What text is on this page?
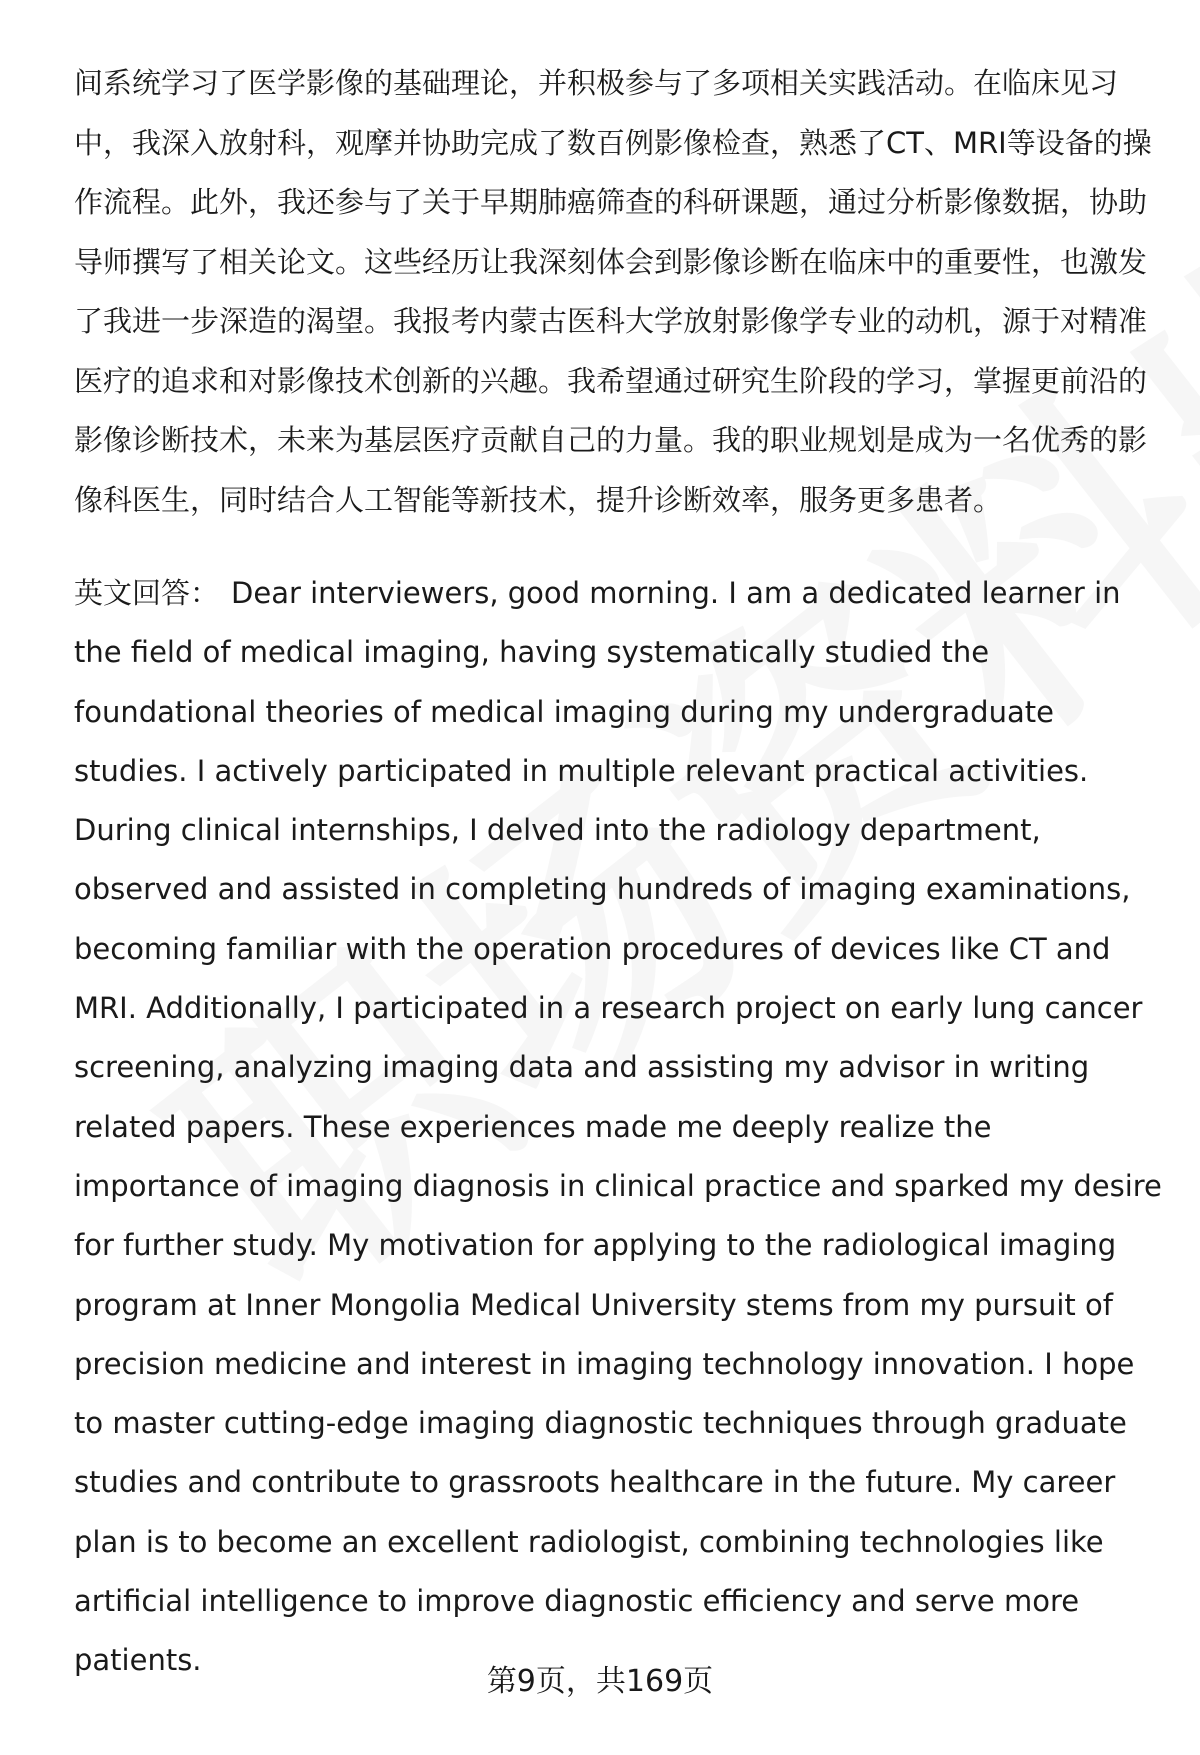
间系统学习了医学影像的基础理论，并积极参与了多项相关实践活动。在临床见习中，我深入放射科，观摩并协助完成了数百例影像检查，熟悉了CT、MRI等设备的操作流程。此外，我还参与了关于早期肺癌筛查的科研课题，通过分析影像数据，协助导师撰写了相关论文。这些经历让我深刻体会到影像诊断在临床中的重要性，也激发了我进一步深造的渴望。我报考内蒙古医科大学放射影像学专业的动机，源于对精准医疗的追求和对影像技术创新的兴趣。我希望通过研究生阶段的学习，掌握更前沿的影像诊断技术，未来为基层医疗贡献自己的力量。我的职业规划是成为一名优秀的影像科医生，同时结合人工智能等新技术，提升诊断效率，服务更多患者。

英文回答： Dear interviewers, good morning. I am a dedicated learner in the field of medical imaging, having systematically studied the foundational theories of medical imaging during my undergraduate studies. I actively participated in multiple relevant practical activities. During clinical internships, I delved into the radiology department, observed and assisted in completing hundreds of imaging examinations, becoming familiar with the operation procedures of devices like CT and MRI. Additionally, I participated in a research project on early lung cancer screening, analyzing imaging data and assisting my advisor in writing related papers. These experiences made me deeply realize the importance of imaging diagnosis in clinical practice and sparked my desire for further study. My motivation for applying to the radiological imaging program at Inner Mongolia Medical University stems from my pursuit of precision medicine and interest in imaging technology innovation. I hope to master cutting-edge imaging diagnostic techniques through graduate studies and contribute to grassroots healthcare in the future. My career plan is to become an excellent radiologist, combining technologies like artificial intelligence to improve diagnostic efficiency and serve more patients.

第9页，共169页
